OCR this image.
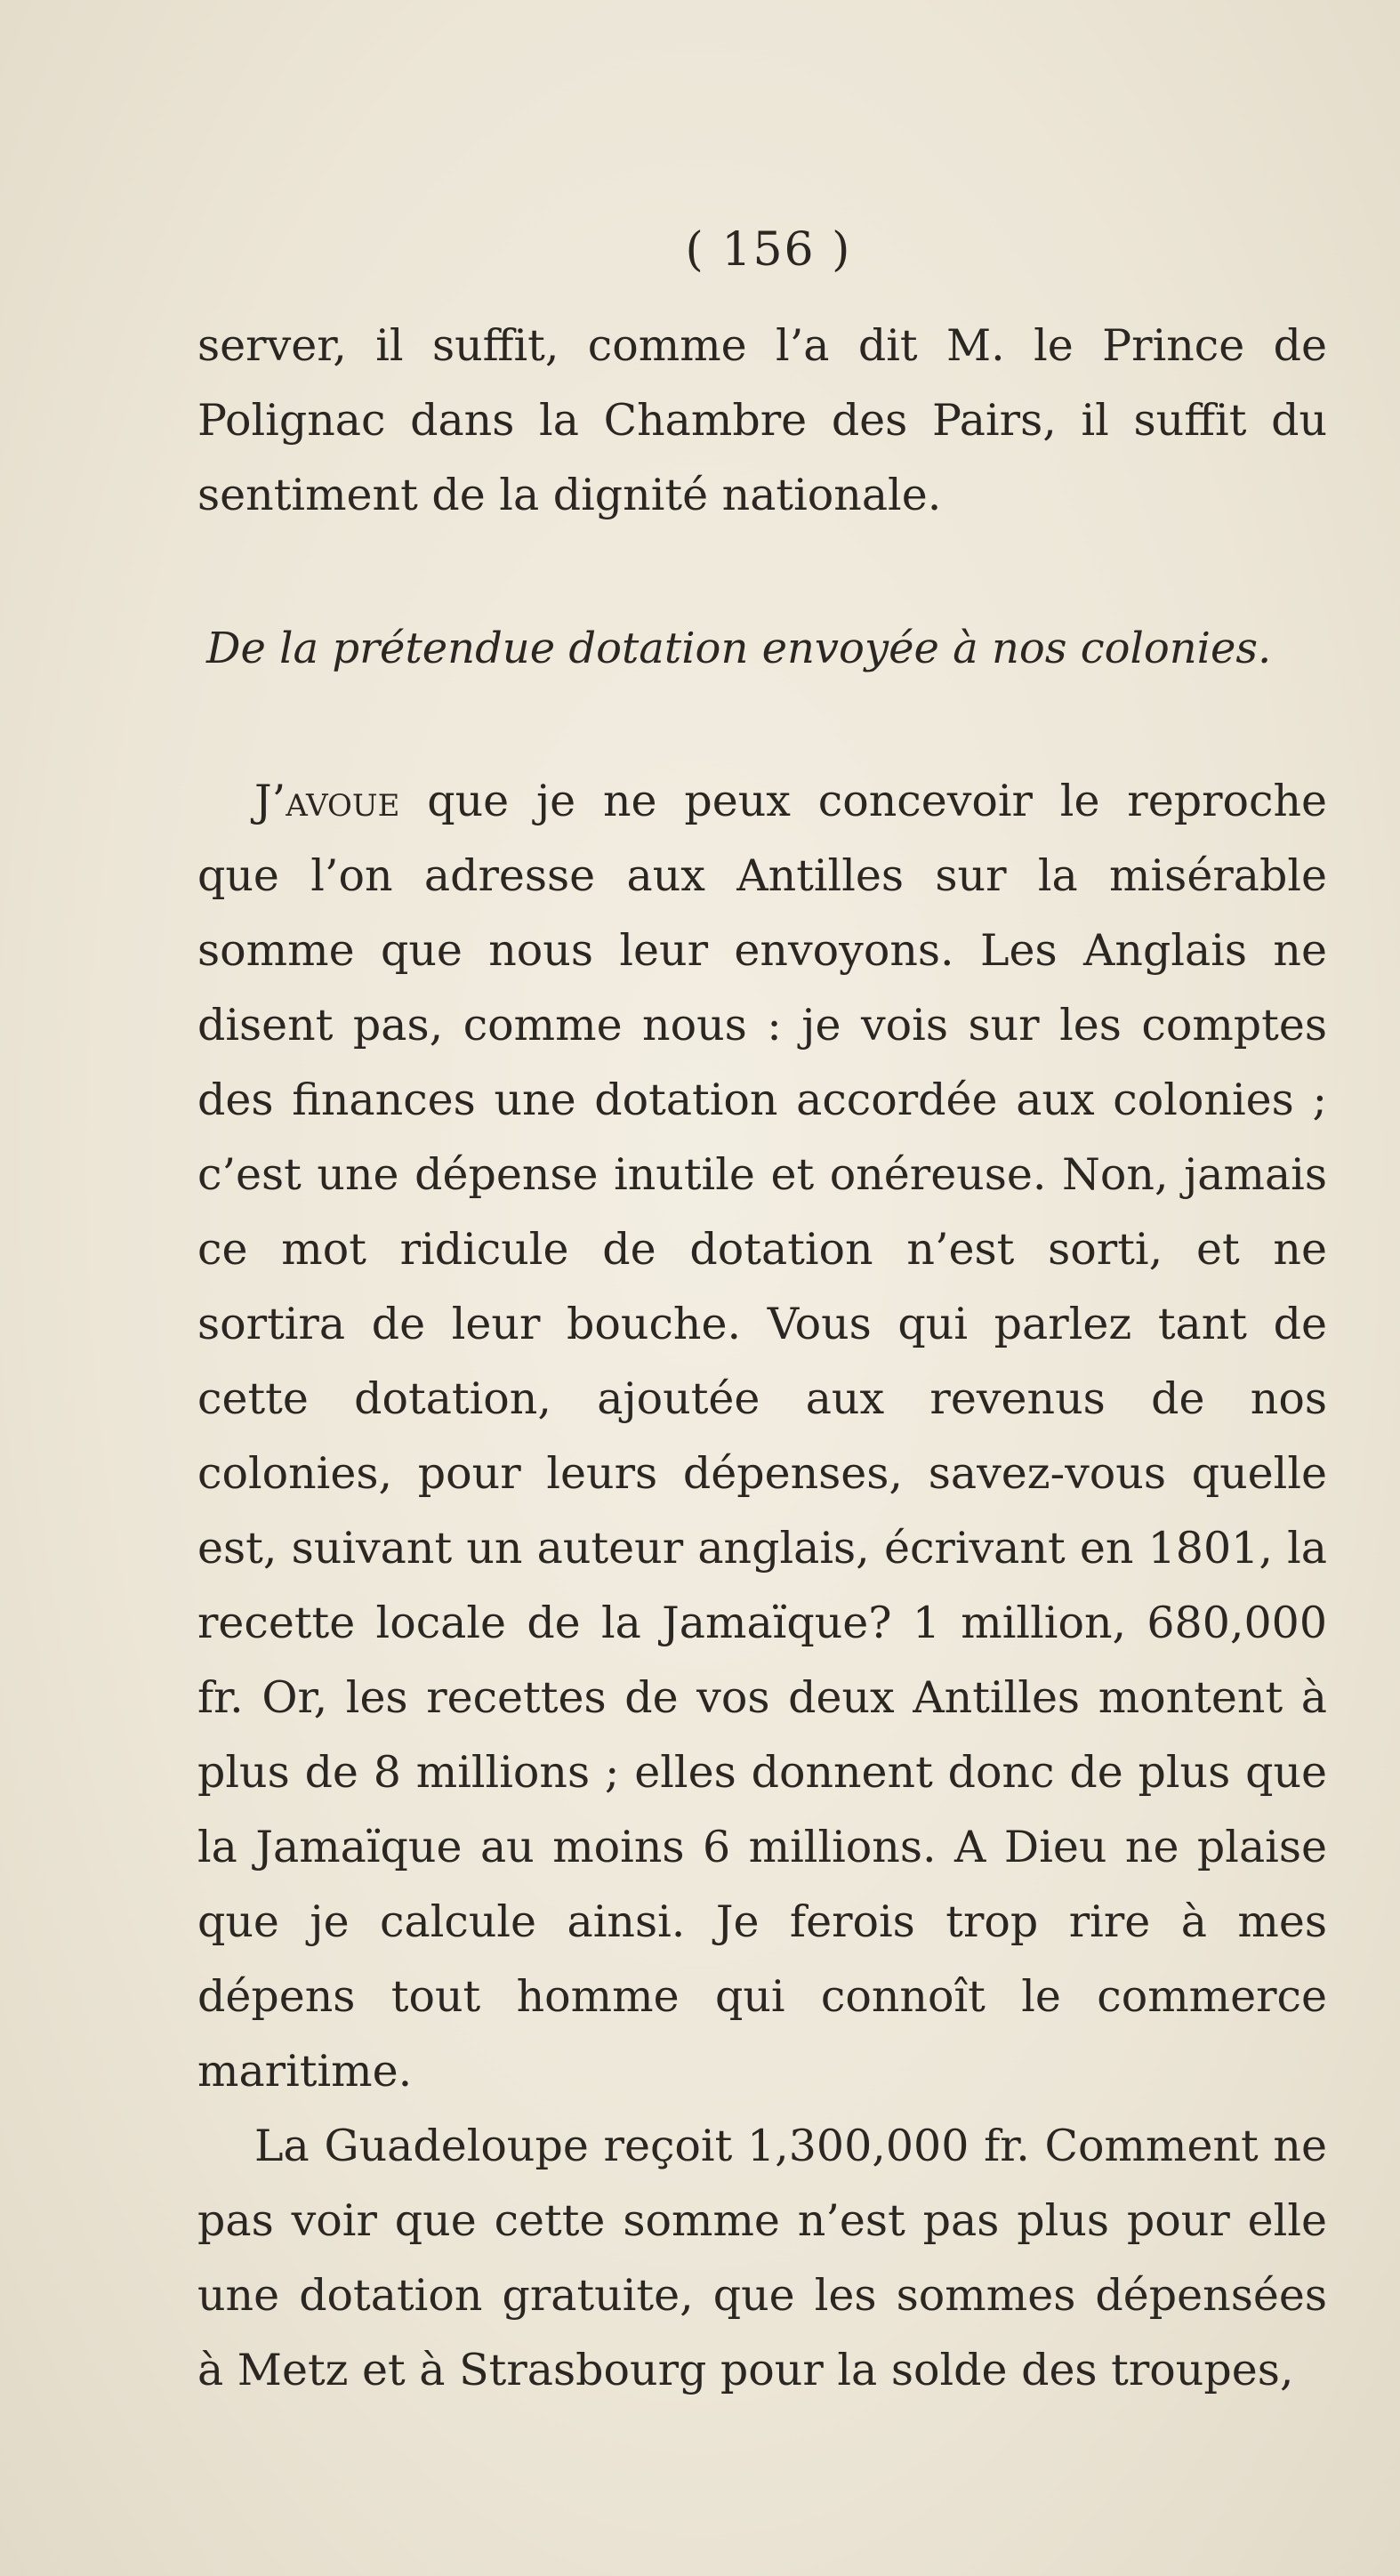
( 156 )

server, il suffit, comme l’a dit M. le Prince de Polignac dans la Chambre des Pairs, il suffit du sentiment de la dignité nationale.

De la prétendue dotation envoyée à nos colonies.

J’avoue que je ne peux concevoir le reproche que l’on adresse aux Antilles sur la misérable somme que nous leur envoyons. Les Anglais ne disent pas, comme nous : je vois sur les comptes des finances une dotation accordée aux colonies ; c’est une dépense inutile et onéreuse. Non, jamais ce mot ridicule de dotation n’est sorti, et ne sortira de leur bouche. Vous qui parlez tant de cette dotation, ajoutée aux revenus de nos colonies, pour leurs dépenses, savez-vous quelle est, suivant un auteur anglais, écrivant en 1801, la recette locale de la Jamaïque? 1 million, 680,000 fr. Or, les recettes de vos deux Antilles montent à plus de 8 millions ; elles donnent donc de plus que la Jamaïque au moins 6 millions. A Dieu ne plaise que je calcule ainsi. Je ferois trop rire à mes dépens tout homme qui connoît le commerce maritime.

La Guadeloupe reçoit 1,300,000 fr. Comment ne pas voir que cette somme n’est pas plus pour elle une dotation gratuite, que les sommes dépensées à Metz et à Strasbourg pour la solde des troupes,
